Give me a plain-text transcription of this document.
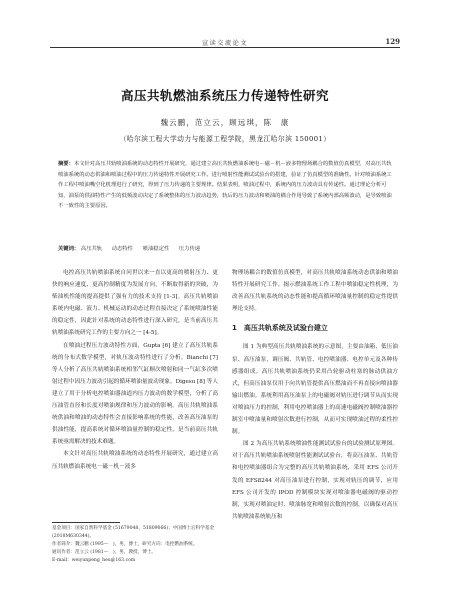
宣读交流论文	129
高压共轨燃油系统压力传递特性研究
魏云鹏，范立云，顾远琪，陈　康
（哈尔滨工程大学动力与能源工程学院，黑龙江哈尔滨 150001）

摘要：本文针对高压共轨喷油系统的动态特性开展研究，通过建立高压共轨燃油系统电－磁－机－液多物理场耦合的数值仿真模型，对高压共轨喷油系统的动态供油和喷油过程中的压力传递特性开展研究工作。进行喷射性能测试试验台的搭建，验证了仿真模型的准确性。针对喷油系统工作工程中喷油嘴空化机理进行了研究，得到了压力传递的主要规律。结果表明，喷油过程中，系统内的压力波动具有传递性。通过理论分析可知，油泵的供油特性产生的低频波动决定了系统整体的压力波动趋势，轨后的压力波动和喷油的耦合作用导致了系统内部高频波动，是导致喷油不一致性的主要原因。

关键词： 高压共轨 动态特性 喷油稳定性 压力传递

电控高压共轨喷油系统自问世以来一直以更高的喷射压力、更快的响应速度、更高控制精度为发展方向，不断取得新的突破，为柴油机性能的提高提供了强有力的技术支持 [1-3]。高压共轨喷油系统内电磁、液力、机械运动的动态过程直接决定了系统喷油性能的稳定性，因此针对系统的动态特性进行深入研究，是当前高压共轨喷油系统研究工作的主要方向之一 [4-5]。

在喷油过程压力波动特性方面，Gupta [6] 建立了高压共轨系统的分布式数学模型，对轨压波动特性进行了分析。Bianchi [7] 等人分析了高压共轨喷油系统相邻气缸顺次喷射和同一气缸多次喷射过程中因压力波动引起的循环喷油量波动现象。Digesu [8] 等人建立了用于分析电控喷油器油道内压力波动的数学模型，分析了高压油管直径和长度对喷油规律和压力波动的影响。高压共轨喷油系统供油和喷油的动态特性会直接影响系统的性能，改善高压油泵的供油性能，提高系统对循环喷油量控制的稳定性，是当前高压共轨系统亟需解决的技术难题。

本文针对高压共轨喷油系统的动态特性开展研究，通过建立高压共轨燃油系统电－磁－机－液多

物理场耦合的数值仿真模型，对高压共轨喷油系统动态供油和喷油特性开展研究工作。揭示燃油系统工作工程中喷油稳定性机理，为改善高压共轨系统的动态性能和提高循环喷油量控制的稳定性提供理论支持。

1　高压共轨系统及试验台建立

图 1 为典型高压共轨喷油系统的示意图，主要由油箱、低压油泵、高压油泵，调压阀、共轨管、电控喷油器、电控单元及各种传感器组成。高压共轨喷油系统仍采用凸轮驱动柱塞的脉动供油方式，但高压油泵仅用于向共轨管提供高压燃油而不再直接向喷油器输出燃油。系统利用高压油泵上的电磁阀对轨压进行调节从而实现对喷油压力的控制，利用电控喷油器上的高速电磁阀控制喷油器控制室中喷油量和喷射次数进行控制，从而可实现喷油过程的柔性控制。

图 2 为高压共轨系统喷油性能测试试验台的试验测试原理图。对于高压共轨喷油系统喷射性能测试试验台，将高压油泵、共轨管和电控喷油器组合为完整的高压共轨喷油系统，采用 EFS 公司开发的 EFS8244 对高压油泵进行控制，实现对轨压的调节，应用 EFS 公司开发的 IPOD 控制模块实现对喷油器电磁阀的驱动控制，实现对喷油定时、喷油脉宽和喷射次数的控制，以确保对高压共轨喷油系统轨压和

基金项目：国家自然科学基金 (51679048、51809066)；中国博士后科学基金 (2018M630344)。
作者简介：魏云鹏 (1995—　)，男，博士，研究方向：电控燃油系统。
通讯作者：范立云 (1981—　)，男，教授，博士。
E-mail：weiyunpeng_heu@163.com
